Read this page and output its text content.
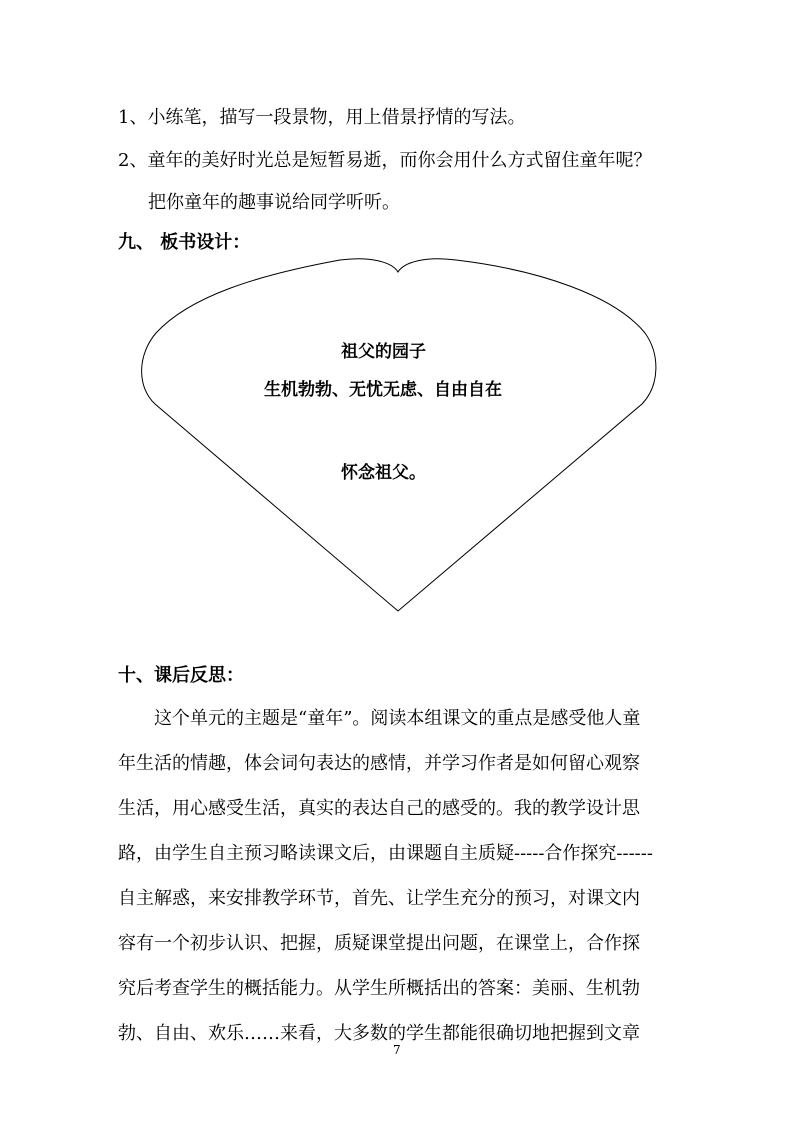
1、小练笔，描写一段景物，用上借景抒情的写法。
2、童年的美好时光总是短暂易逝，而你会用什么方式留住童年呢？
把你童年的趣事说给同学听听。
九、 板书设计：
祖父的园子
生机勃勃、无忧无虑、自由自在
怀念祖父。
十、课后反思：
这个单元的主题是“童年”。阅读本组课文的重点是感受他人童
年生活的情趣，体会词句表达的感情，并学习作者是如何留心观察
生活，用心感受生活，真实的表达自己的感受的。我的教学设计思
路，由学生自主预习略读课文后，由课题自主质疑-----合作探究------
自主解惑，来安排教学环节，首先、让学生充分的预习，对课文内
容有一个初步认识、把握，质疑课堂提出问题，在课堂上，合作探
究后考查学生的概括能力。从学生所概括出的答案：美丽、生机勃
勃、自由、欢乐……来看，大多数的学生都能很确切地把握到文章
7
